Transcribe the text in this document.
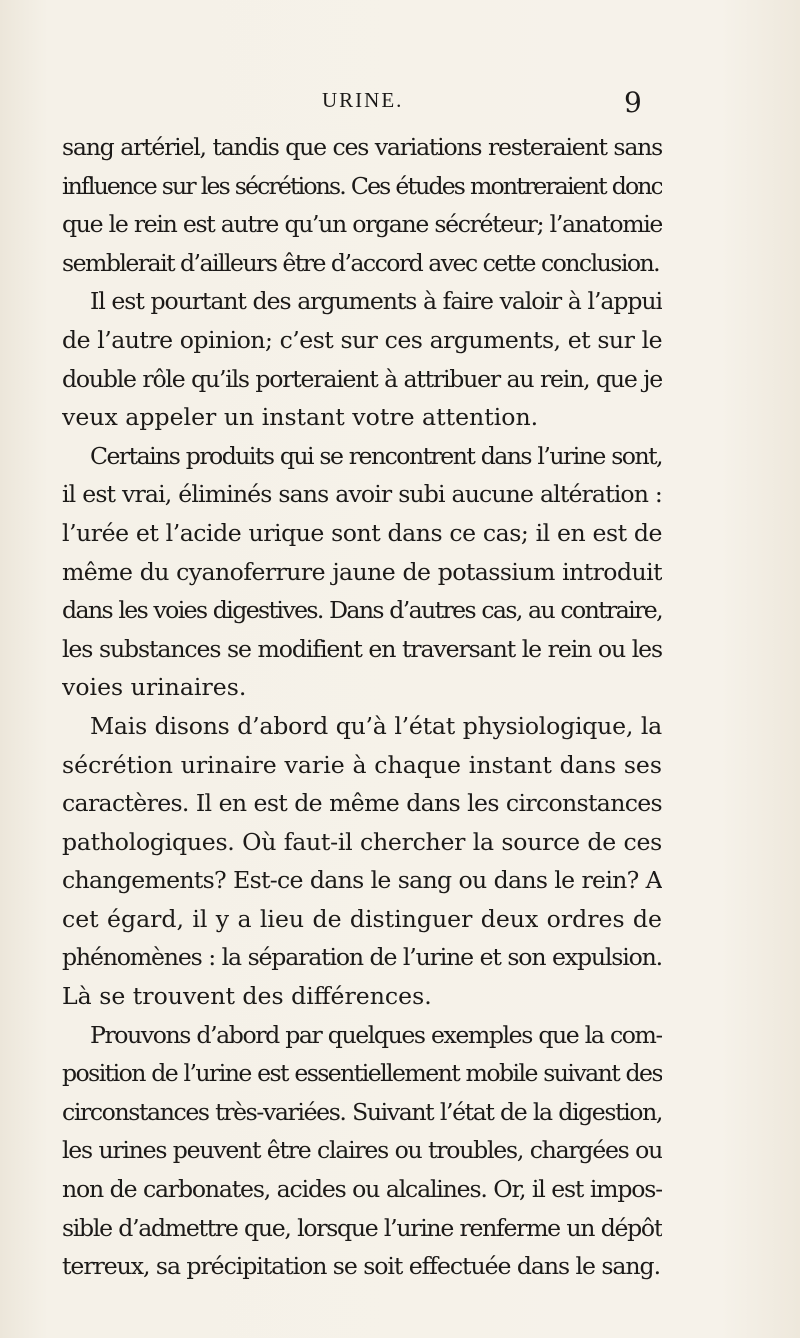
URINE.	9
sang artériel, tandis que ces variations resteraient sans
influence sur les sécrétions. Ces études montreraient donc
que le rein est autre qu’un organe sécréteur; l’anatomie
semblerait d’ailleurs être d’accord avec cette conclusion.
Il est pourtant des arguments à faire valoir à l’appui
de l’autre opinion; c’est sur ces arguments, et sur le
double rôle qu’ils porteraient à attribuer au rein, que je
veux appeler un instant votre attention.
Certains produits qui se rencontrent dans l’urine sont,
il est vrai, éliminés sans avoir subi aucune altération :
l’urée et l’acide urique sont dans ce cas; il en est de
même du cyanoferrure jaune de potassium introduit
dans les voies digestives. Dans d’autres cas, au contraire,
les substances se modifient en traversant le rein ou les
voies urinaires.
Mais disons d’abord qu’à l’état physiologique, la
sécrétion urinaire varie à chaque instant dans ses
caractères. Il en est de même dans les circonstances
pathologiques. Où faut-il chercher la source de ces
changements? Est-ce dans le sang ou dans le rein? A
cet égard, il y a lieu de distinguer deux ordres de
phénomènes : la séparation de l’urine et son expulsion.
Là se trouvent des différences.
Prouvons d’abord par quelques exemples que la com-
position de l’urine est essentiellement mobile suivant des
circonstances très-variées. Suivant l’état de la digestion,
les urines peuvent être claires ou troubles, chargées ou
non de carbonates, acides ou alcalines. Or, il est impos-
sible d’admettre que, lorsque l’urine renferme un dépôt
terreux, sa précipitation se soit effectuée dans le sang.
